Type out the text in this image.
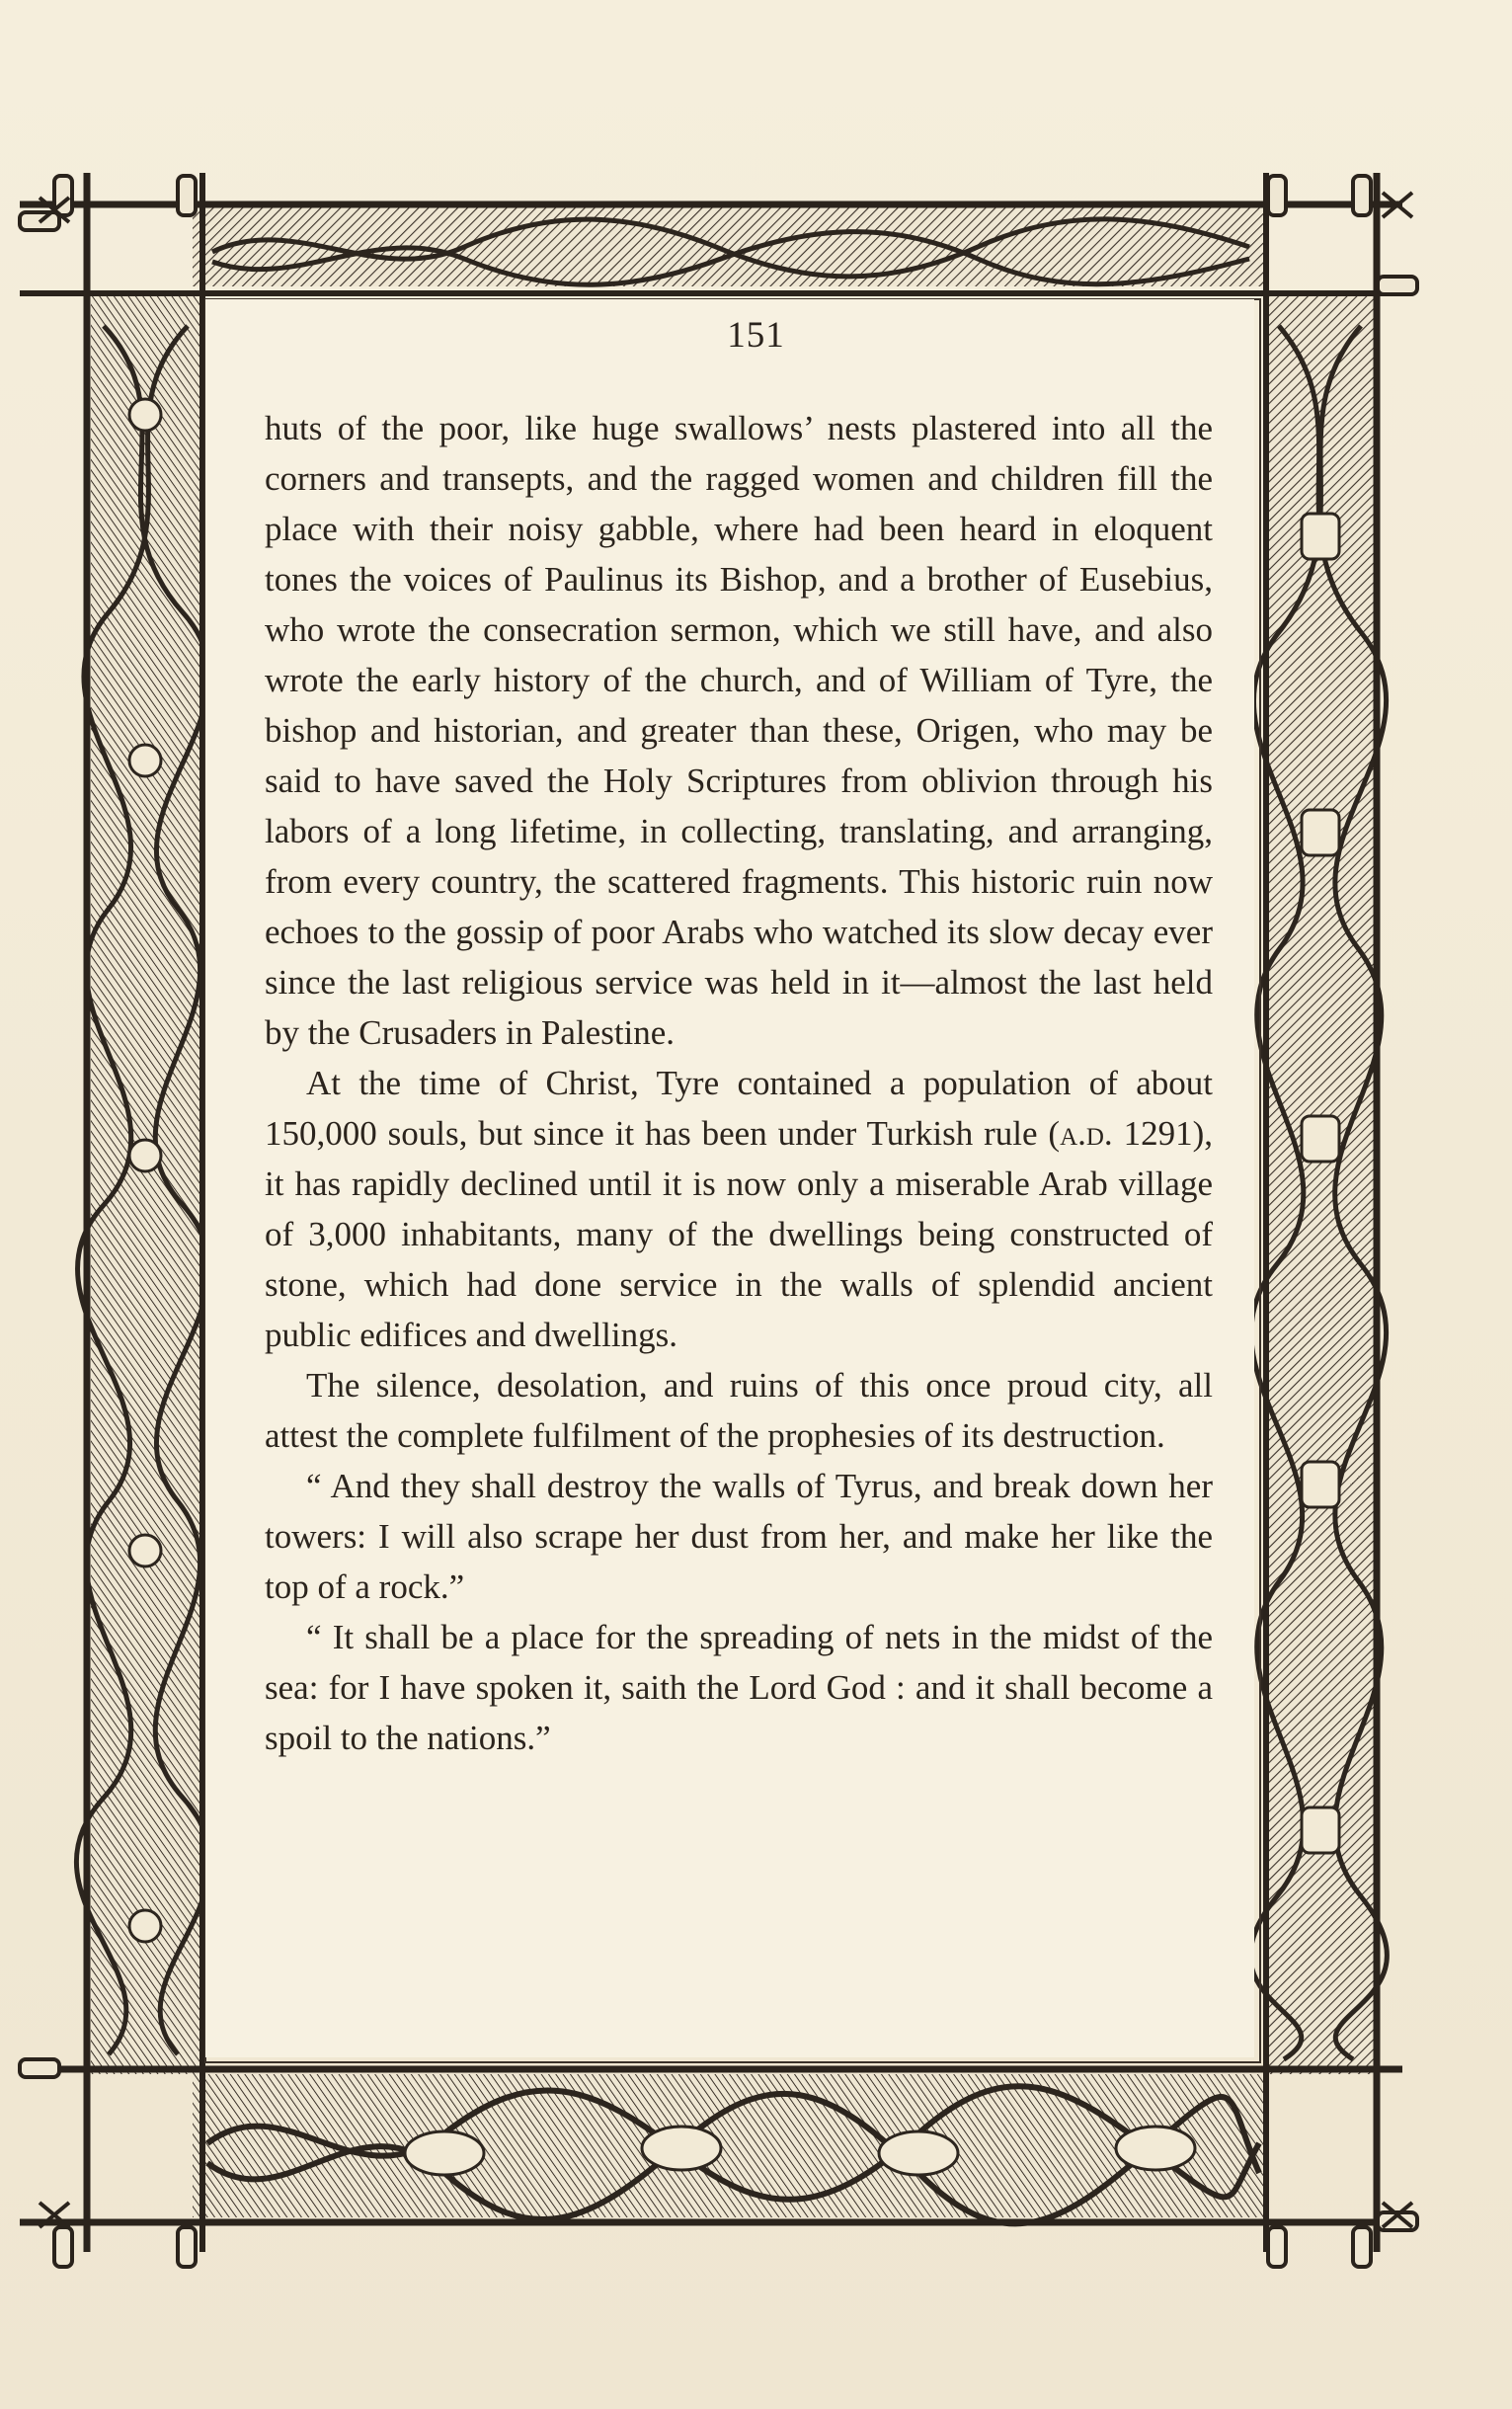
151

huts of the poor, like huge swallows’ nests plastered into all the corners and transepts, and the ragged women and children fill the place with their noisy gabble, where had been heard in eloquent tones the voices of Paulinus its Bishop, and a brother of Eusebius, who wrote the consecration sermon, which we still have, and also wrote the early history of the church, and of William of Tyre, the bishop and historian, and greater than these, Origen, who may be said to have saved the Holy Scriptures from oblivion through his labors of a long lifetime, in collecting, translating, and arranging, from every country, the scattered fragments. This historic ruin now echoes to the gossip of poor Arabs who watched its slow decay ever since the last religious service was held in it—almost the last held by the Crusaders in Palestine.

At the time of Christ, Tyre contained a population of about 150,000 souls, but since it has been under Turkish rule (a.d. 1291), it has rapidly declined until it is now only a miserable Arab village of 3,000 inhabitants, many of the dwellings being constructed of stone, which had done service in the walls of splendid ancient public edifices and dwellings.

The silence, desolation, and ruins of this once proud city, all attest the complete fulfilment of the prophesies of its destruction.

“ And they shall destroy the walls of Tyrus, and break down her towers: I will also scrape her dust from her, and make her like the top of a rock.”

“ It shall be a place for the spreading of nets in the midst of the sea: for I have spoken it, saith the Lord God : and it shall become a spoil to the nations.”
